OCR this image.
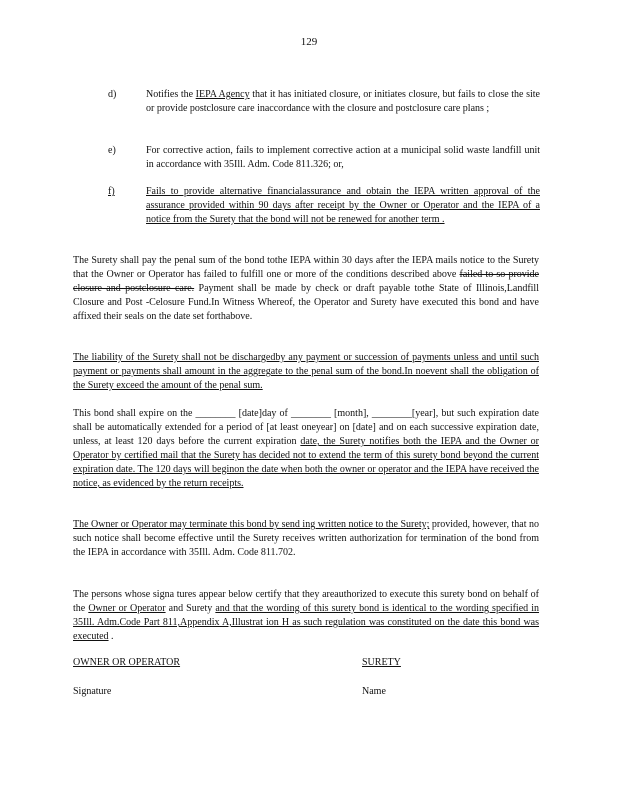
129
d)	Notifies the IEPA Agency that it has initiated closure, or initiates closure, but fails to close the site or provide postclosure care inaccordance with the closure and postclosure care plans ;
e)	For corrective action, fails to implement corrective action at a municipal solid waste landfill unit in accordance with 35Ill. Adm. Code 811.326; or,
f)	Fails to provide alternative financialassurance and obtain the IEPA written approval of the assurance provided within 90 days after receipt by the Owner or Operator and the IEPA of a notice from the Surety that the bond will not be renewed for another term .
The Surety shall pay the penal sum of the bond tothe IEPA within 30 days after the IEPA mails notice to the Surety that the Owner or Operator has failed to fulfill one or more of the conditions described above failed to so provide closure and postclosure care. Payment shall be made by check or draft payable tothe State of Illinois,Landfill Closure and Post -Celosure Fund.In Witness Whereof, the Operator and Surety have executed this bond and have affixed their seals on the date set forthabove.
The liability of the Surety shall not be dischargedby any payment or succession of payments unless and until such payment or payments shall amount in the aggregate to the penal sum of the bond.In noevent shall the obligation of the Surety exceed the amount of the penal sum.
This bond shall expire on the ________ [date]day of ________ [month], ________[year], but such expiration date shall be automatically extended for a period of [at least oneyear] on [date] and on each successive expiration date, unless, at least 120 days before the current expiration date, the Surety notifies both the IEPA and the Owner or Operator by certified mail that the Surety has decided not to extend the term of this surety bond beyond the current expiration date. The 120 days will beginon the date when both the owner or operator and the IEPA have received the notice, as evidenced by the return receipts.
The Owner or Operator may terminate this bond by send ing written notice to the Surety; provided, however, that no such notice shall become effective until the Surety receives written authorization for termination of the bond from the IEPA in accordance with 35Ill. Adm. Code 811.702.
The persons whose signa tures appear below certify that they areauthorized to execute this surety bond on behalf of the Owner or Operator and Surety and that the wording of this surety bond is identical to the wording specified in 35Ill. Adm.Code Part 811,Appendix A,Illustrat ion H as such regulation was constituted on the date this bond was executed .
OWNER OR OPERATOR	SURETY
Signature	Name
